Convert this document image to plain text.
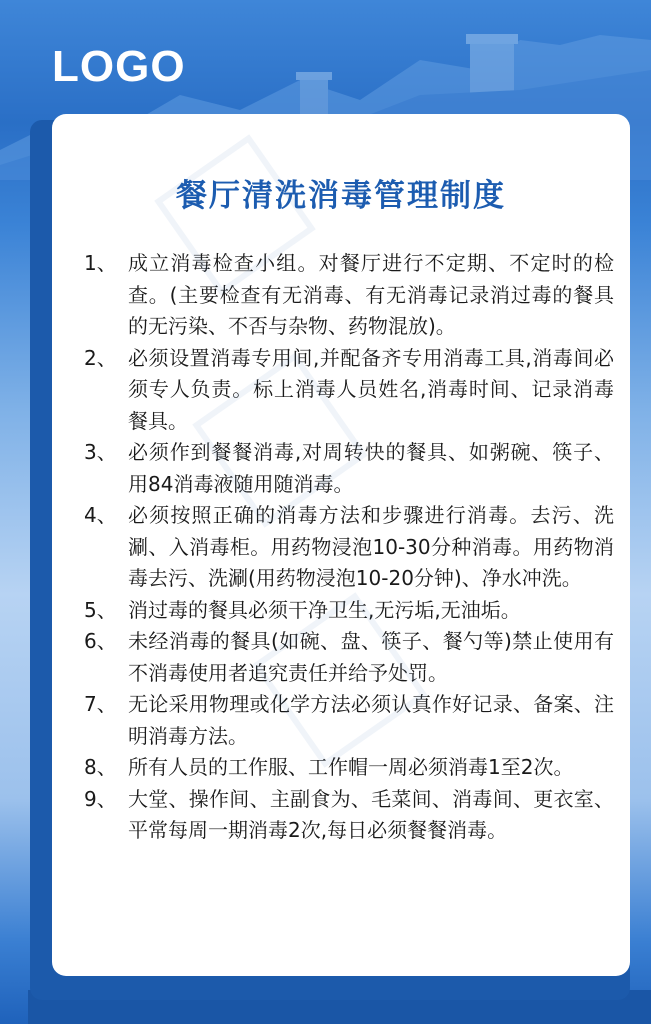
LOGO
餐厅清洗消毒管理制度
1、 成立消毒检查小组。对餐厅进行不定期、不定时的检查。(主要检查有无消毒、有无消毒记录消过毒的餐具的无污染、不否与杂物、药物混放)。
2、 必须设置消毒专用间,并配备齐专用消毒工具,消毒间必须专人负责。标上消毒人员姓名,消毒时间、记录消毒餐具。
3、 必须作到餐餐消毒,对周转快的餐具、如粥碗、筷子、用84消毒液随用随消毒。
4、 必须按照正确的消毒方法和步骤进行消毒。去污、洗涮、入消毒柜。用药物浸泡10-30分种消毒。用药物消毒去污、洗涮(用药物浸泡10-20分钟)、净水冲洗。
5、 消过毒的餐具必须干净卫生,无污垢,无油垢。
6、 未经消毒的餐具(如碗、盘、筷子、餐勺等)禁止使用有不消毒使用者追究责任并给予处罚。
7、 无论采用物理或化学方法必须认真作好记录、备案、注明消毒方法。
8、 所有人员的工作服、工作帽一周必须消毒1至2次。
9、 大堂、操作间、主副食为、毛菜间、消毒间、更衣室、平常每周一期消毒2次,每日必须餐餐消毒。
